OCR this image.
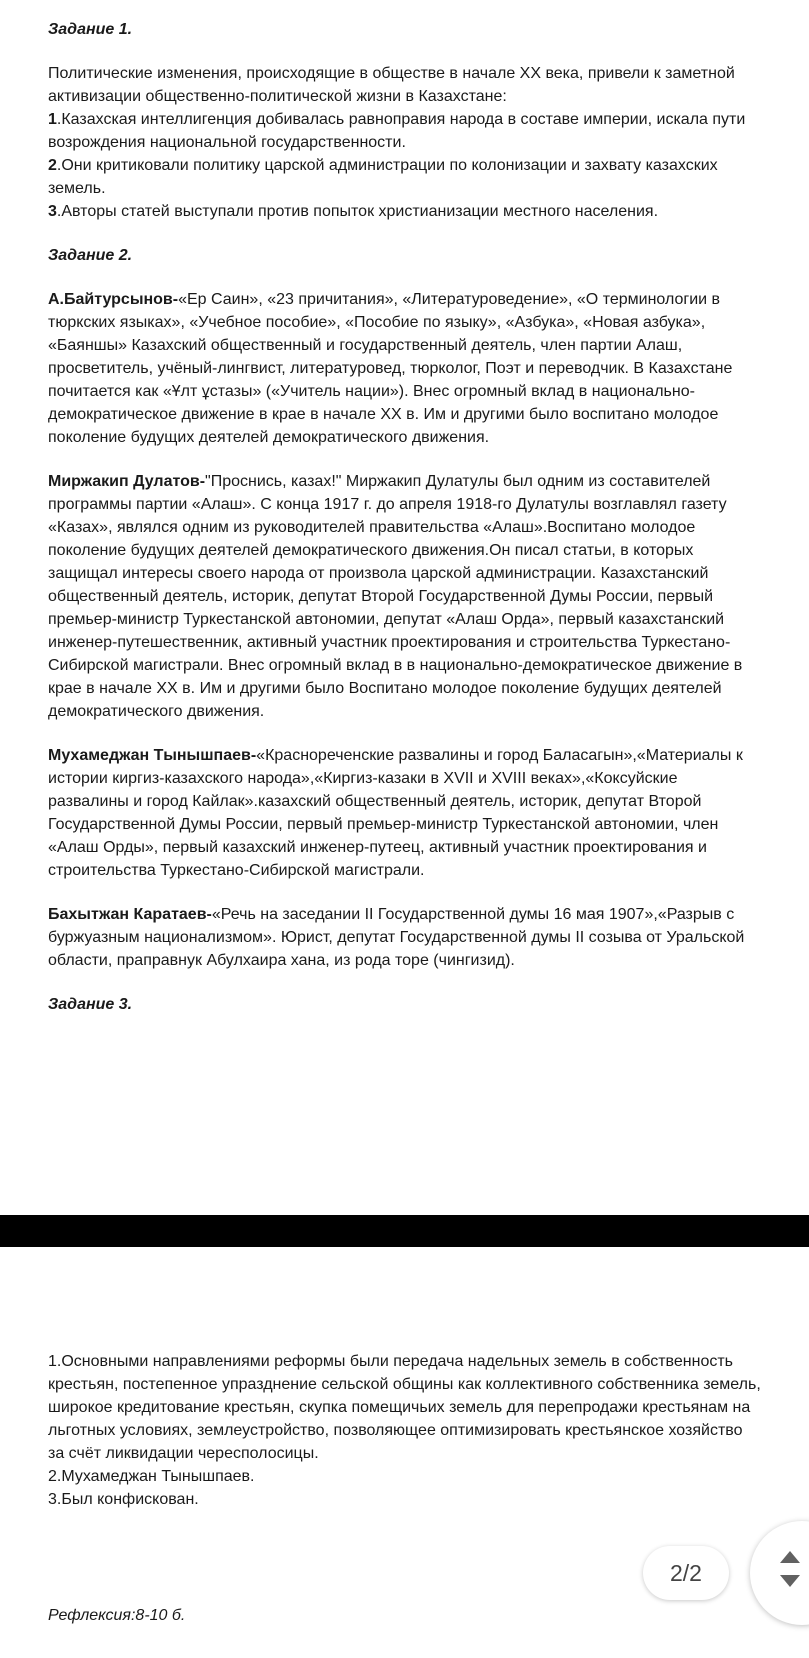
Задание 1.

Политические изменения, происходящие в обществе в начале XX века, привели к заметной активизации общественно-политической жизни в Казахстане:

1.Казахская интеллигенция добивалась равноправия народа в составе империи, искала пути возрождения национальной государственности.

2.Они критиковали политику царской администрации по колонизации и захвату казахских земель.

3.Авторы статей выступали против попыток христианизации местного населения.

Задание 2.

А.Байтурсынов-«Ер Саин», «23 причитания», «Литературоведение», «О терминологии в тюркских языках», «Учебное пособие», «Пособие по языку», «Азбука», «Новая азбука», «Баяншы» Казахский общественный и государственный деятель, член партии Алаш, просветитель, учёный-лингвист, литературовед, тюрколог, Поэт и переводчик. В Казахстане почитается как «Ұлт ұстазы» («Учитель нации»). Внес огромный вклад в национально-демократическое движение в крае в начале XX в. Им и другими было воспитано молодое поколение будущих деятелей демократического движения.

Миржакип Дулатов-"Проснись, казах!" Миржакип Дулатулы был одним из составителей программы партии «Алаш». С конца 1917 г. до апреля 1918-го Дулатулы возглавлял газету «Казах», являлся одним из руководителей правительства «Алаш».Воспитано молодое поколение будущих деятелей демократического движения.Он писал статьи, в которых защищал интересы своего народа от произвола царской администрации. Казахстанский общественный деятель, историк, депутат Второй Государственной Думы России, первый премьер-министр Туркестанской автономии, депутат «Алаш Орда», первый казахстанский инженер-путешественник, активный участник проектирования и строительства Туркестано-Сибирской магистрали. Внес огромный вклад в в национально-демократическое движение в крае в начале XX в. Им и другими было Воспитано молодое поколение будущих деятелей демократического движения.

Мухамеджан Тынышпаев-«Краснореченские развалины и город Баласагын»,«Материалы к истории киргиз-казахского народа»,«Киргиз-казаки в XVII и XVIII веках»,«Коксуйские развалины и город Кайлак».казахский общественный деятель, историк, депутат Второй Государственной Думы России, первый премьер-министр Туркестанской автономии, член «Алаш Орды», первый казахский инженер-путеец, активный участник проектирования и строительства Туркестано-Сибирской магистрали.

Бахытжан Каратаев-«Речь на заседании II Государственной думы 16 мая 1907»,«Разрыв с буржуазным национализмом». Юрист, депутат Государственной думы II созыва от Уральской области, праправнук Абулхаира хана, из рода торе (чингизид).

Задание 3.

1.Основными направлениями реформы были передача надельных земель в собственность крестьян, постепенное упразднение сельской общины как коллективного собственника земель, широкое кредитование крестьян, скупка помещичьих земель для перепродажи крестьянам на льготных условиях, землеустройство, позволяющее оптимизировать крестьянское хозяйство за счёт ликвидации чересполосицы.

2.Мухамеджан Тынышпаев.

3.Был конфискован.

2/2

Рефлексия:8-10 б.
